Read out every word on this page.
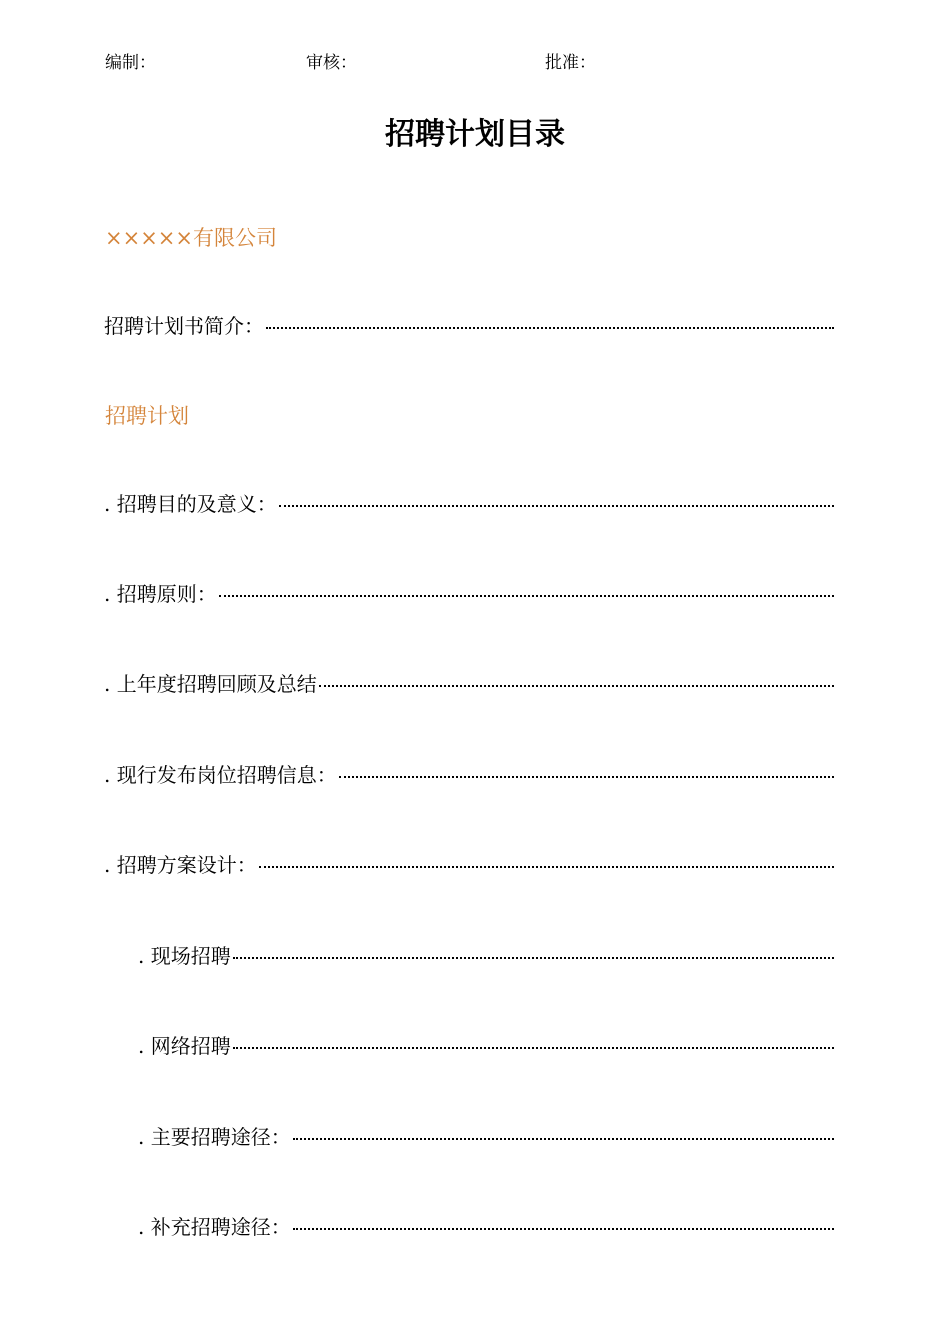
编制：	审核：	批准：
招聘计划目录
×××××有限公司
招聘计划书简介：
招聘计划
. 招聘目的及意义：
. 招聘原则：
. 上年度招聘回顾及总结
. 现行发布岗位招聘信息：
. 招聘方案设计：
. 现场招聘
. 网络招聘
. 主要招聘途径：
. 补充招聘途径：
